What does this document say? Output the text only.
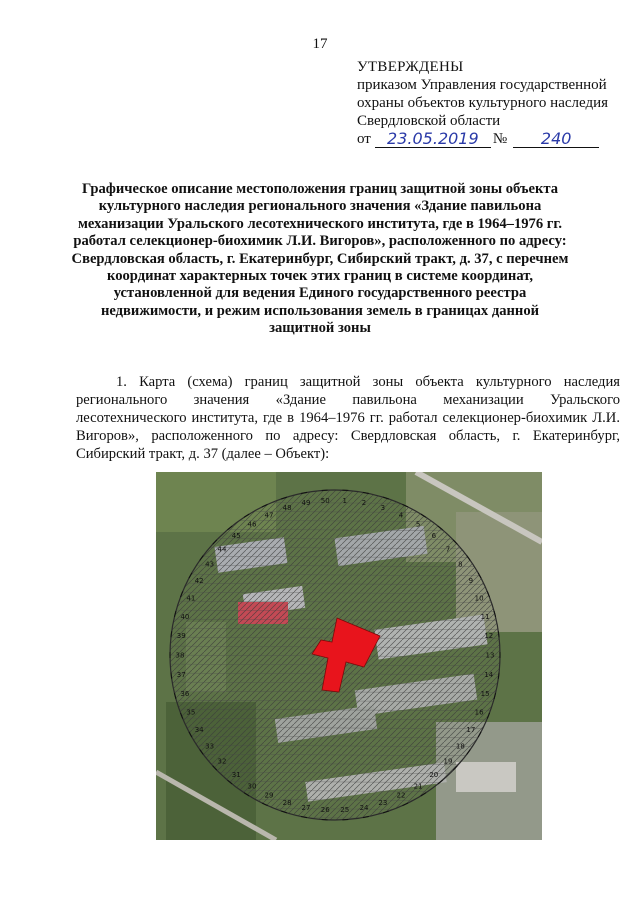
17
УТВЕРЖДЕНЫ
приказом Управления государственной
охраны объектов культурного наследия
Свердловской области
от	23.05.2019 №	240
Графическое описание местоположения границ защитной зоны объекта культурного наследия регионального значения «Здание павильона механизации Уральского лесотехнического института, где в 1964–1976 гг. работал селекционер-биохимик Л.И. Вигоров», расположенного по адресу: Свердловская область, г. Екатеринбург, Сибирский тракт, д. 37, с перечнем координат характерных точек этих границ в системе координат, установленной для ведения Единого государственного реестра недвижимости, и режим использования земель в границах данной защитной зоны
1. Карта (схема) границ защитной зоны объекта культурного наследия регионального значения «Здание павильона механизации Уральского лесотехнического института, где в 1964–1976 гг. работал селекционер-биохимик Л.И. Вигоров», расположенного по адресу: Свердловская область, г. Екатеринбург, Сибирский тракт, д. 37 (далее – Объект):
1 2
3
4
5
6
7
8
9
10
11
12
13
14
15
16
17
18
19
20
21
22
23
24
25
26
27
28
29
30
31
32
33
34
35
36
37
38
39
40
41
42
43
44
45
46
47
48
49 50
